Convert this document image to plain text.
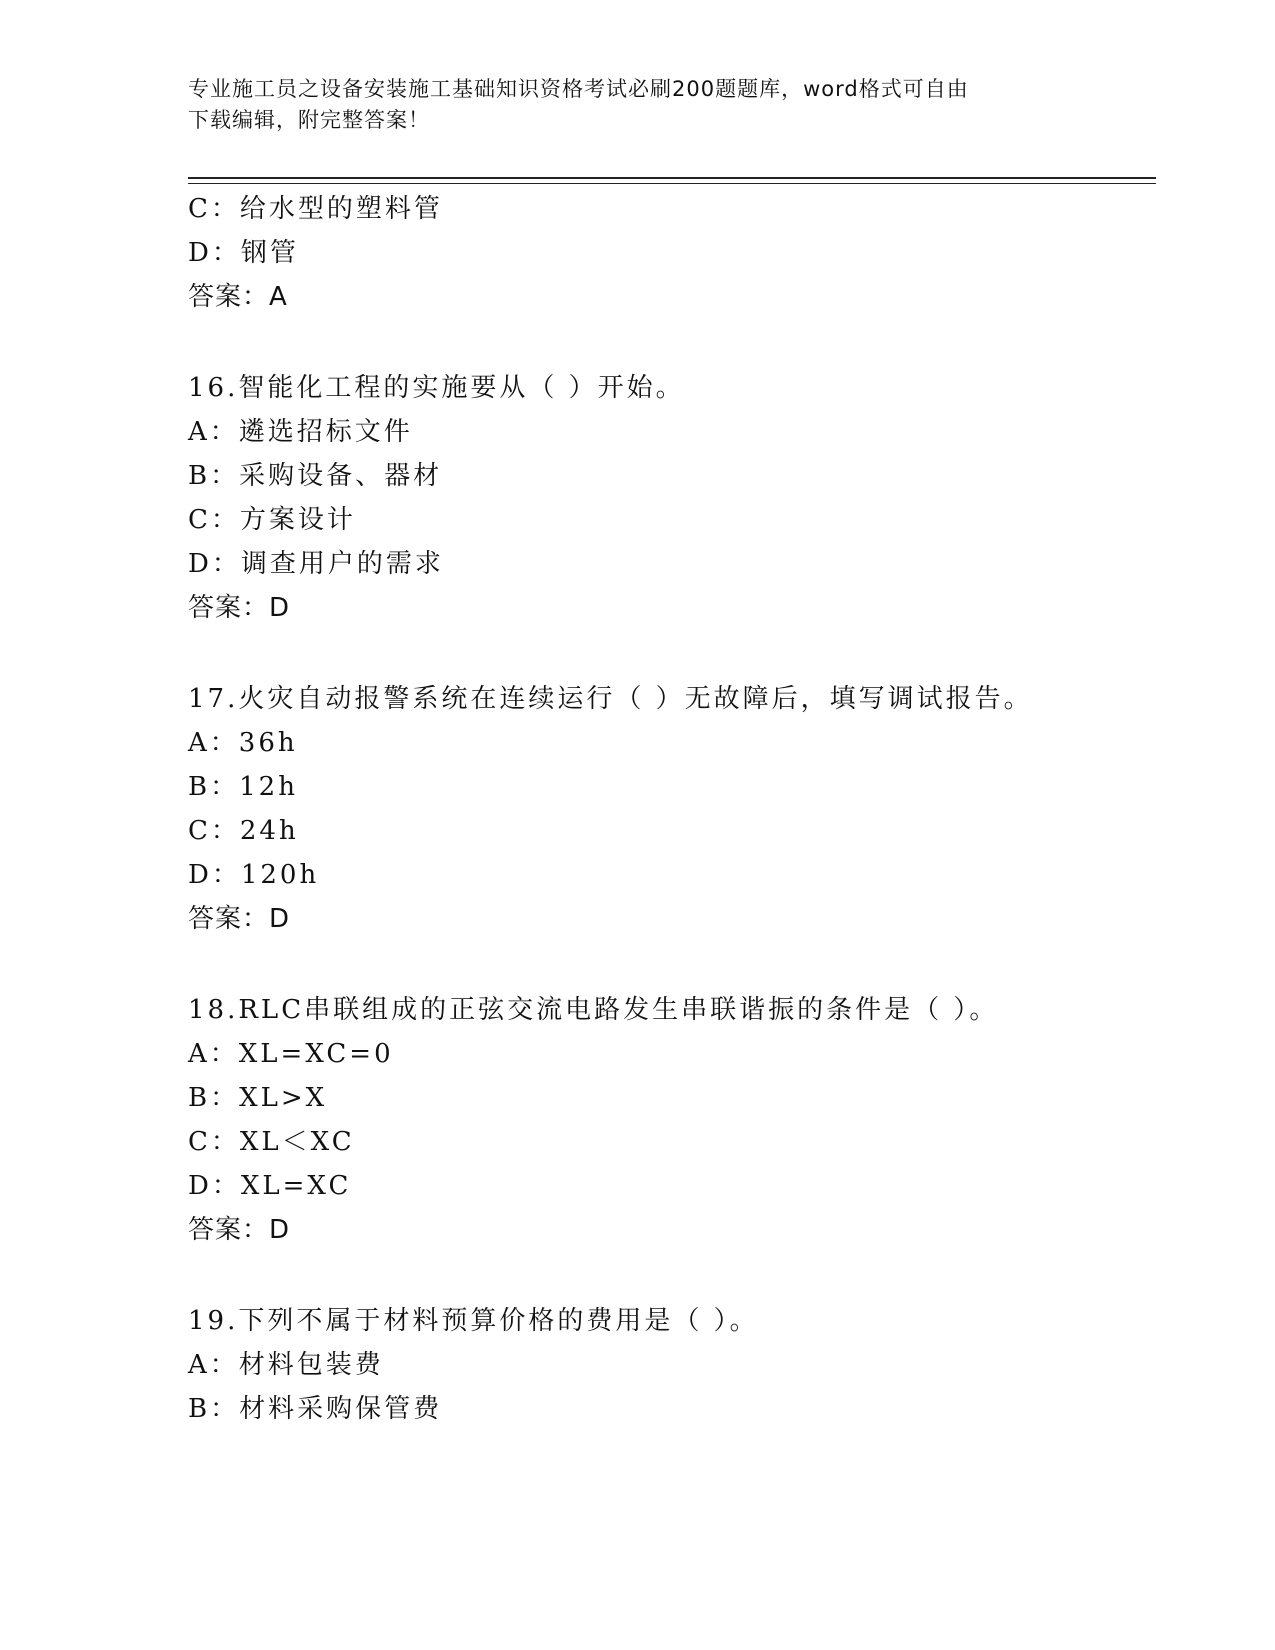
专业施工员之设备安装施工基础知识资格考试必刷200题题库，word格式可自由
下载编辑，附完整答案！
C：给水型的塑料管
D：钢管
答案：A
16.智能化工程的实施要从（ ）开始。
A：遴选招标文件
B：采购设备、器材
C：方案设计
D：调查用户的需求
答案：D
17.火灾自动报警系统在连续运行（ ）无故障后，填写调试报告。
A：36h
B：12h
C：24h
D：120h
答案：D
18.RLC串联组成的正弦交流电路发生串联谐振的条件是（ ）。
A：XL=XC=0
B：XL>X
C：XL＜XC
D：XL=XC
答案：D
19.下列不属于材料预算价格的费用是（ ）。
A：材料包装费
B：材料采购保管费
